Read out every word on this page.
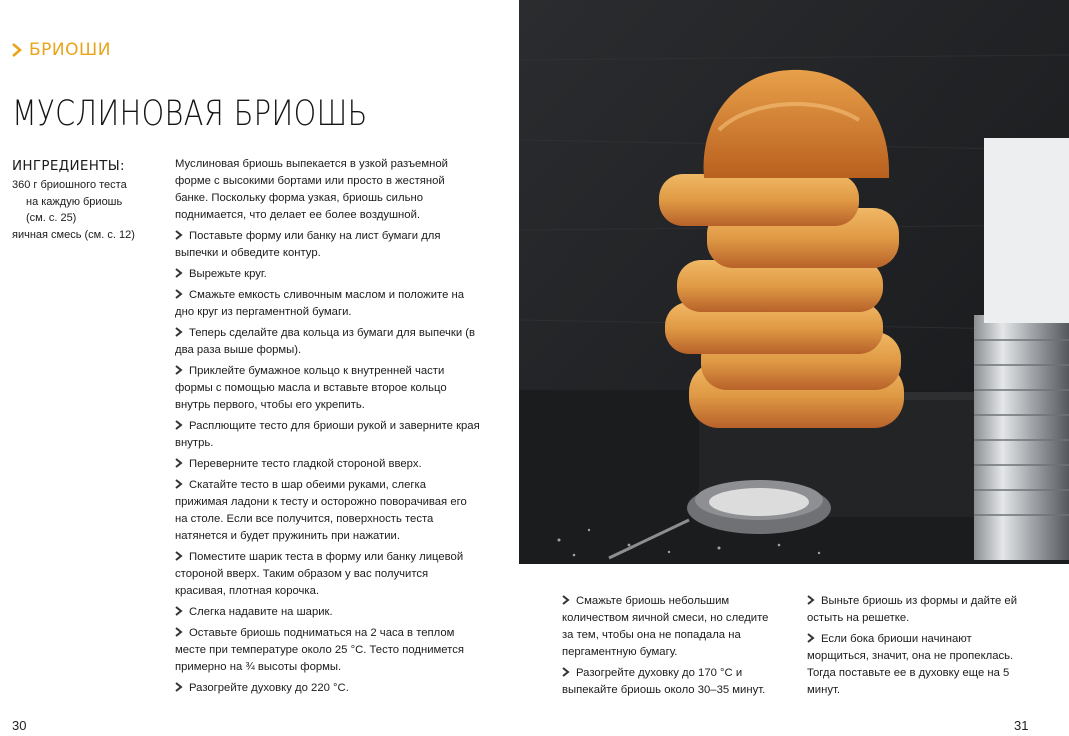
БРИОШИ
МУСЛИНОВАЯ БРИОШЬ
ИНГРЕДИЕНТЫ:
360 г бриошного теста
на каждую бриошь
(см. с. 25)
яичная смесь (см. с. 12)

Муслиновая бриошь выпекается в узкой разъемной форме с высокими бортами или просто в жестяной банке. Поскольку форма узкая, бриошь сильно поднимается, что делает ее более воздушной.

Поставьте форму или банку на лист бумаги для выпечки и обведите контур.

Вырежьте круг.

Смажьте емкость сливочным маслом и положите на дно круг из пергаментной бумаги.

Теперь сделайте два кольца из бумаги для выпечки (в два раза выше формы).

Приклейте бумажное кольцо к внутренней части формы с помощью масла и вставьте второе кольцо внутрь первого, чтобы его укрепить.

Расплющите тесто для бриоши рукой и заверните края внутрь.

Переверните тесто гладкой стороной вверх.

Скатайте тесто в шар обеими руками, слегка прижимая ладони к тесту и осторожно поворачивая его на столе. Если все получится, поверхность теста натянется и будет пружинить при нажатии.

Поместите шарик теста в форму или банку лицевой стороной вверх. Таким образом у вас получится красивая, плотная корочка.

Слегка надавите на шарик.

Оставьте бриошь подниматься на 2 часа в теплом месте при температуре около 25 °C. Тесто поднимется примерно на ¾ высоты формы.

Разогрейте духовку до 220 °C.

Смажьте бриошь небольшим количеством яичной смеси, но следите за тем, чтобы она не попадала на пергаментную бумагу.

Разогрейте духовку до 170 °C и выпекайте бриошь около 30–35 минут.

Выньте бриошь из формы и дайте ей остыть на решетке.

Если бока бриоши начинают морщиться, значит, она не пропеклась. Тогда поставьте ее в духовку еще на 5 минут.

30	31
